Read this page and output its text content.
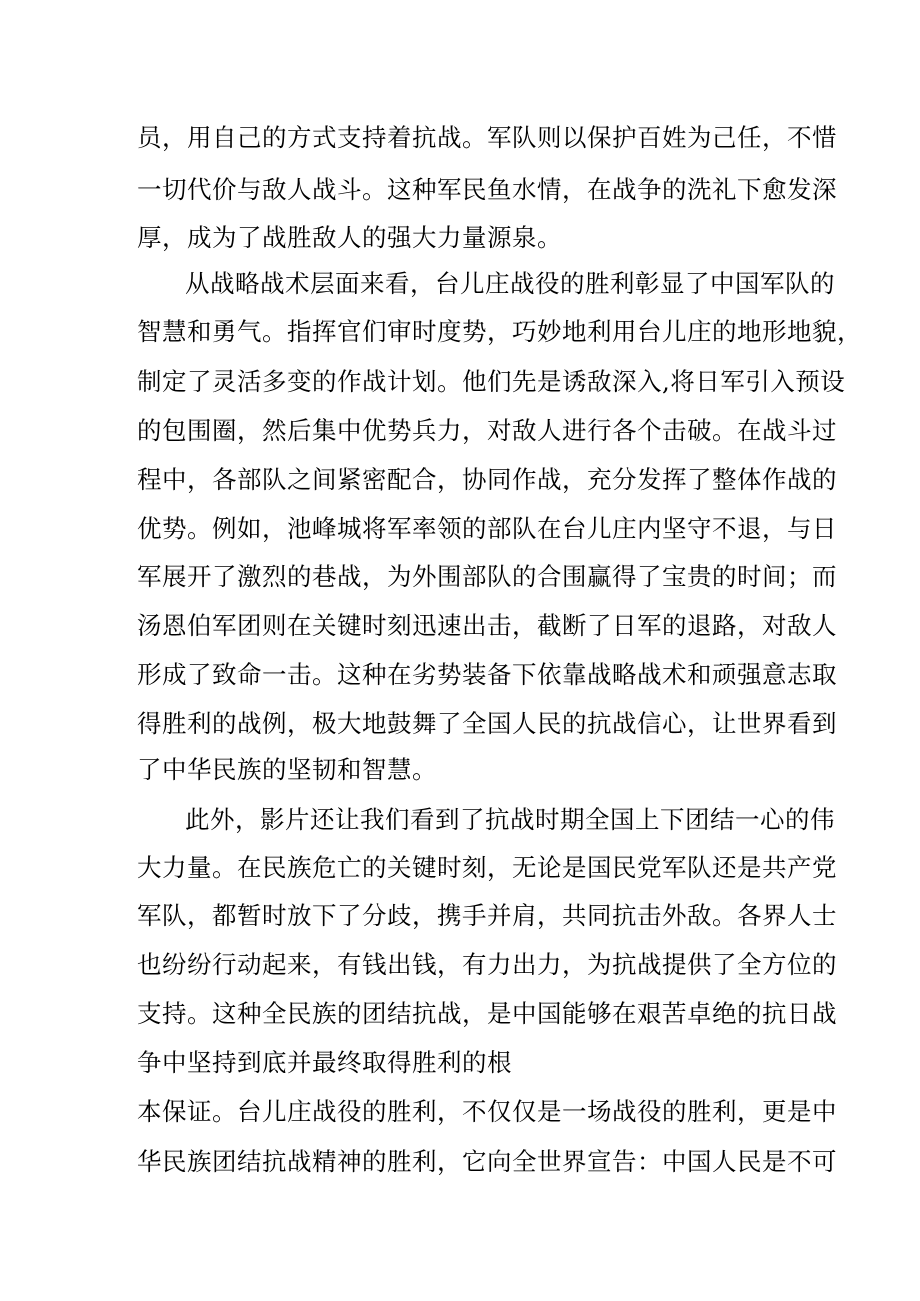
员，用自己的方式支持着抗战。军队则以保护百姓为己任，不惜
一切代价与敌人战斗。这种军民鱼水情，在战争的洗礼下愈发深
厚，成为了战胜敌人的强大力量源泉。
从战略战术层面来看，台儿庄战役的胜利彰显了中国军队的
智慧和勇气。指挥官们审时度势，巧妙地利用台儿庄的地形地貌，
制定了灵活多变的作战计划。他们先是诱敌深入,将日军引入预设
的包围圈，然后集中优势兵力，对敌人进行各个击破。在战斗过
程中，各部队之间紧密配合，协同作战，充分发挥了整体作战的
优势。例如，池峰城将军率领的部队在台儿庄内坚守不退，与日
军展开了激烈的巷战，为外围部队的合围赢得了宝贵的时间；而
汤恩伯军团则在关键时刻迅速出击，截断了日军的退路，对敌人
形成了致命一击。这种在劣势装备下依靠战略战术和顽强意志取
得胜利的战例，极大地鼓舞了全国人民的抗战信心，让世界看到
了中华民族的坚韧和智慧。
此外，影片还让我们看到了抗战时期全国上下团结一心的伟
大力量。在民族危亡的关键时刻，无论是国民党军队还是共产党
军队，都暂时放下了分歧，携手并肩，共同抗击外敌。各界人士
也纷纷行动起来，有钱出钱，有力出力，为抗战提供了全方位的
支持。这种全民族的团结抗战，是中国能够在艰苦卓绝的抗日战
争中坚持到底并最终取得胜利的根
本保证。台儿庄战役的胜利，不仅仅是一场战役的胜利，更是中
华民族团结抗战精神的胜利，它向全世界宣告：中国人民是不可
